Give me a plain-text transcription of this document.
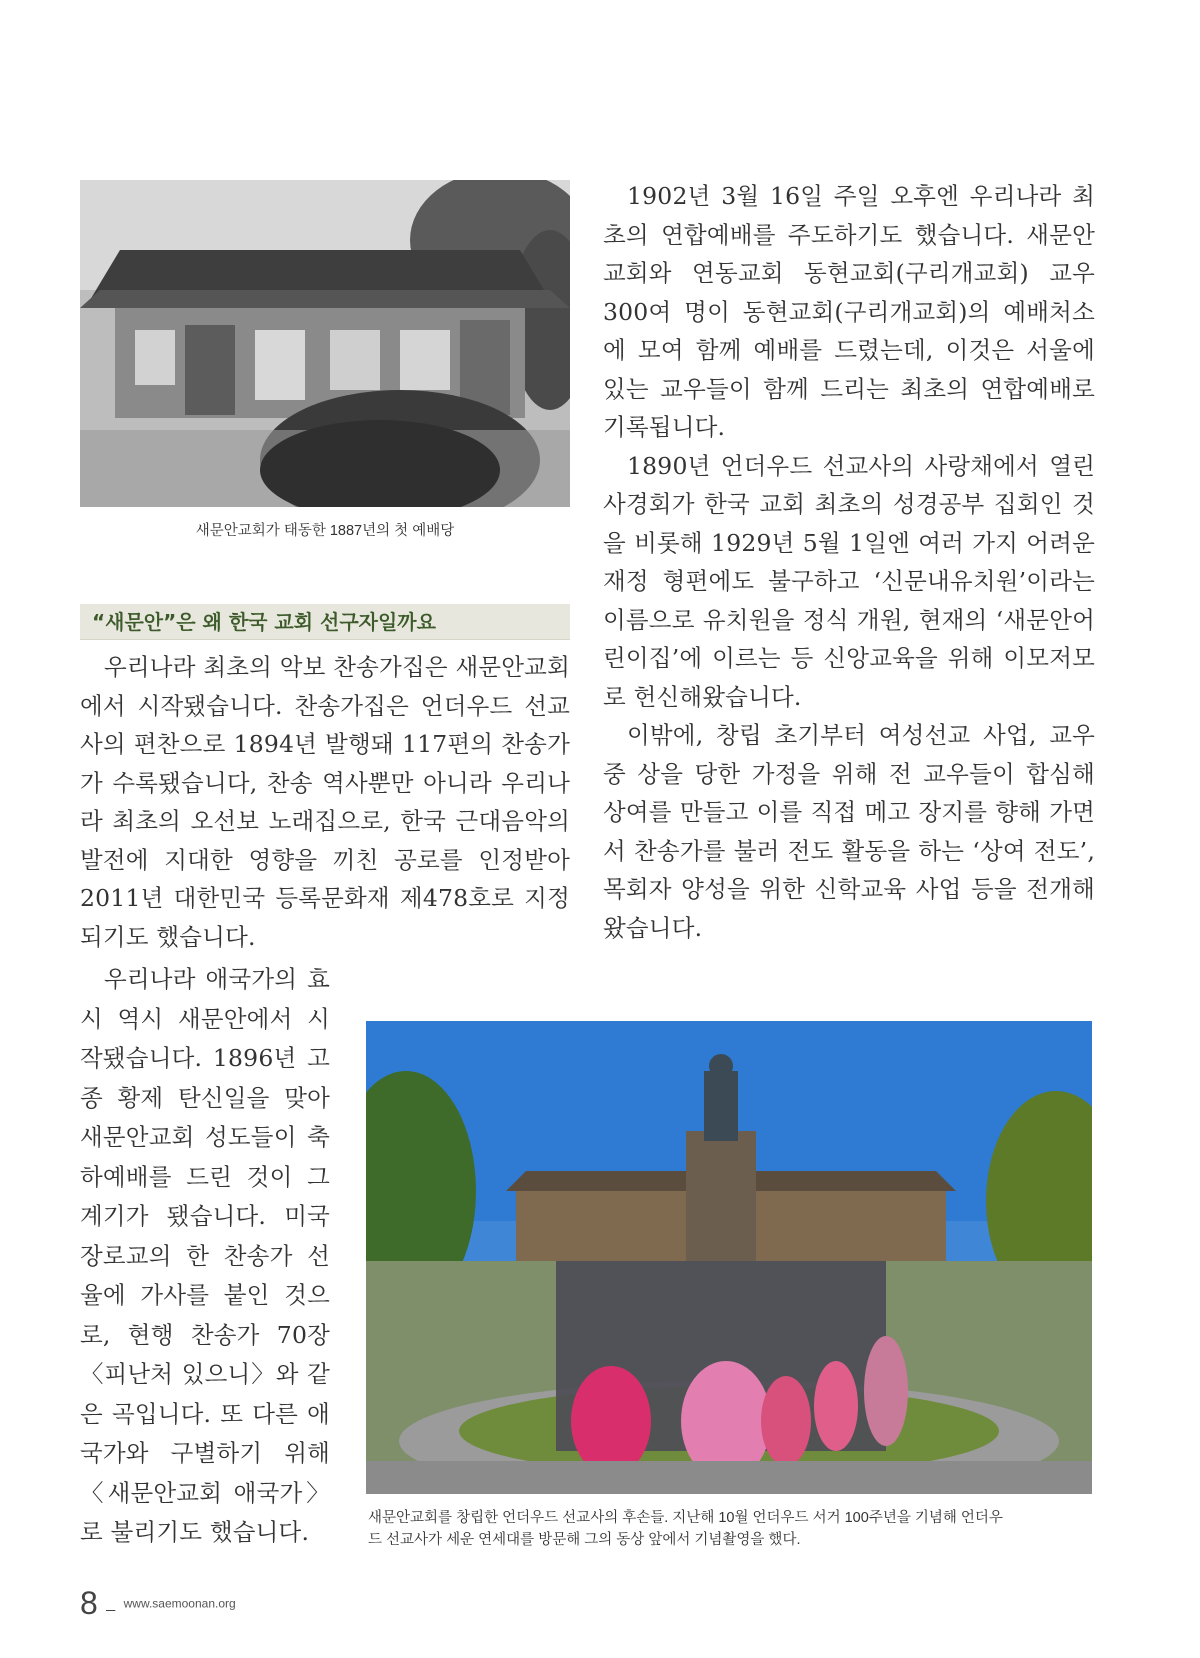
새문안교회가 태동한 1887년의 첫 예배당
“새문안”은 왜 한국 교회 선구자일까요

우리나라 최초의 악보 찬송가집은 새문안교회에서 시작됐습니다. 찬송가집은 언더우드 선교사의 편찬으로 1894년 발행돼 117편의 찬송가가 수록됐습니다, 찬송 역사뿐만 아니라 우리나라 최초의 오선보 노래집으로, 한국 근대음악의 발전에 지대한 영향을 끼친 공로를 인정받아 2011년 대한민국 등록문화재 제478호로 지정되기도 했습니다.

우리나라 애국가의 효시 역시 새문안에서 시작됐습니다. 1896년 고종 황제 탄신일을 맞아 새문안교회 성도들이 축하예배를 드린 것이 그 계기가 됐습니다. 미국 장로교의 한 찬송가 선율에 가사를 붙인 것으로, 현행 찬송가 70장 〈피난처 있으니〉와 같은 곡입니다. 또 다른 애국가와 구별하기 위해 〈새문안교회 애국가〉로 불리기도 했습니다.

1902년 3월 16일 주일 오후엔 우리나라 최초의 연합예배를 주도하기도 했습니다. 새문안교회와 연동교회 동현교회(구리개교회) 교우 300여 명이 동현교회(구리개교회)의 예배처소에 모여 함께 예배를 드렸는데, 이것은 서울에 있는 교우들이 함께 드리는 최초의 연합예배로 기록됩니다.

1890년 언더우드 선교사의 사랑채에서 열린 사경회가 한국 교회 최초의 성경공부 집회인 것을 비롯해 1929년 5월 1일엔 여러 가지 어려운 재정 형편에도 불구하고 ‘신문내유치원’이라는 이름으로 유치원을 정식 개원, 현재의 ‘새문안어린이집’에 이르는 등 신앙교육을 위해 이모저모로 헌신해왔습니다.

이밖에, 창립 초기부터 여성선교 사업, 교우 중 상을 당한 가정을 위해 전 교우들이 합심해 상여를 만들고 이를 직접 메고 장지를 향해 가면서 찬송가를 불러 전도 활동을 하는 ‘상여 전도’, 목회자 양성을 위한 신학교육 사업 등을 전개해왔습니다.

새문안교회를 창립한 언더우드 선교사의 후손들. 지난해 10월 언더우드 서거 100주년을 기념해 언더우
드 선교사가 세운 연세대를 방문해 그의 동상 앞에서 기념촬영을 했다.
8 _ www.saemoonan.org
